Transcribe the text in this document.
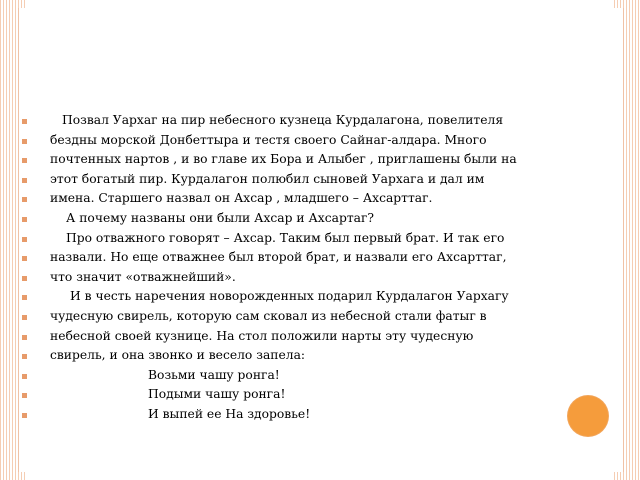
Позвал Уархаг на пир небесного кузнеца Курдалагона, повелителя
бездны морской Донбеттыра и тестя своего Сайнаг-алдара. Много
почтенных нартов , и во главе их Бора и Алыбег , приглашены были на
этот богатый пир. Курдалагон полюбил сыновей Уархага и дал им
имена. Старшего назвал он Ахсар , младшего – Ахсарттаг.
А почему названы они были Ахсар и Ахсартаг?
Про отважного говорят – Ахсар. Таким был первый брат. И так его
назвали. Но еще отважнее был второй брат, и назвали его Ахсарттаг,
что значит «отважнейший».
И в честь наречения новорожденных подарил Курдалагон Уархагу
чудесную свирель, которую сам сковал из небесной стали фатыг в
небесной своей кузнице. На стол положили нарты эту чудесную
свирель, и она звонко и весело запела:
Возьми чашу ронга!
Подыми чашу ронга!
И выпей ее На здоровье!
